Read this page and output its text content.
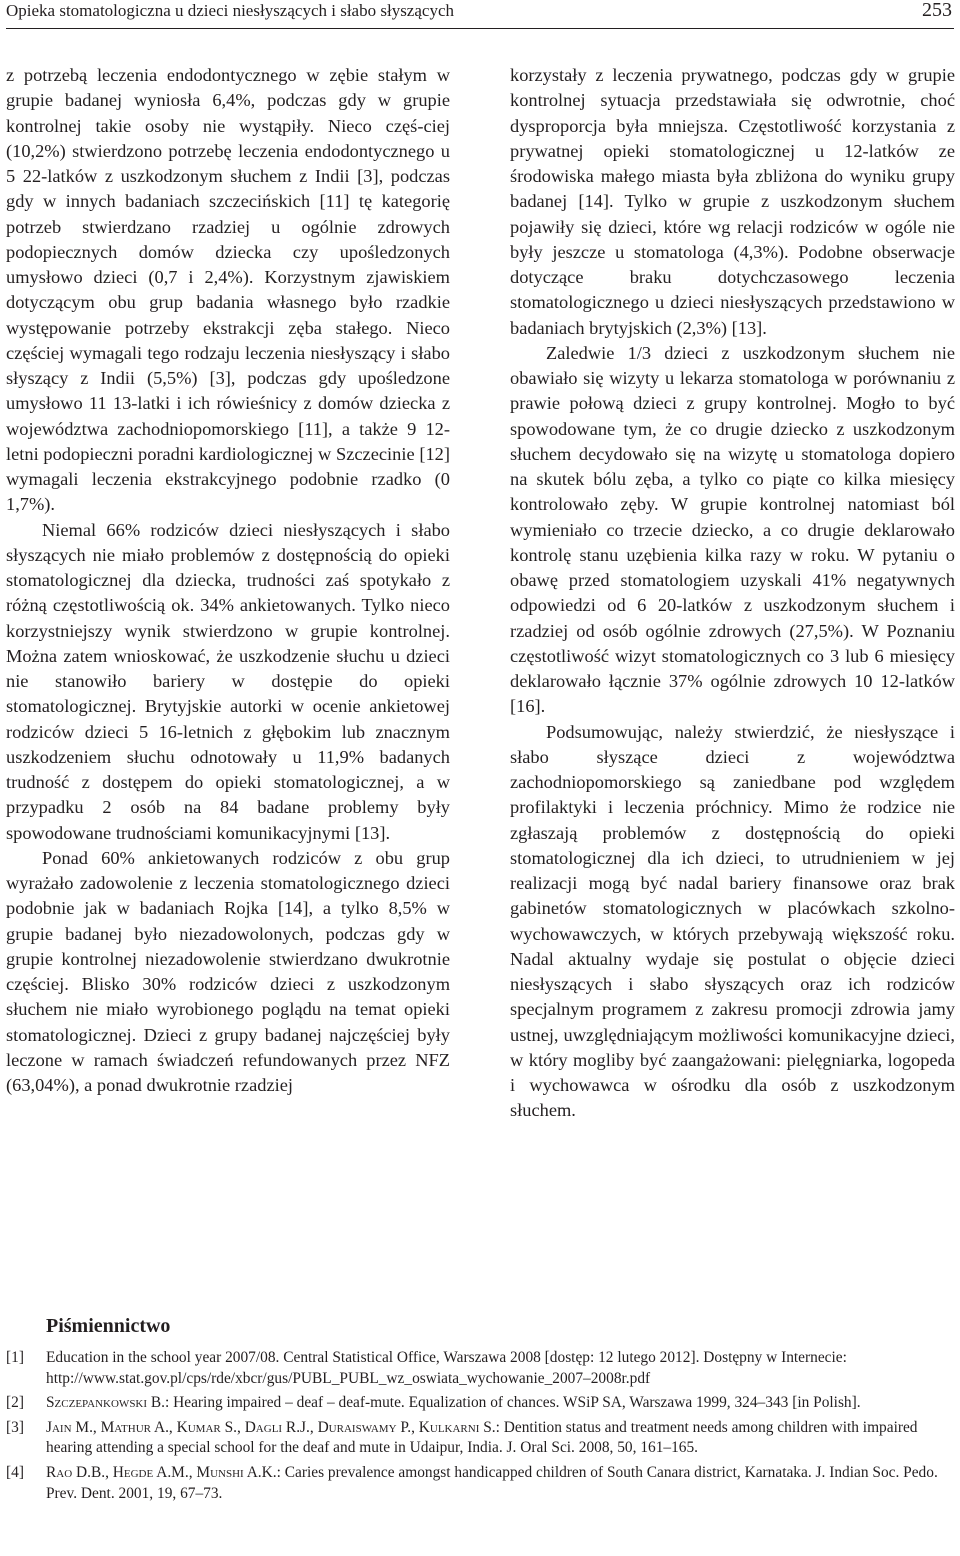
Opieka stomatologiczna u dzieci niesłyszących i słabo słyszących	253

z potrzebą leczenia endodontycznego w zębie stałym w grupie badanej wyniosła 6,4%, podczas gdy w grupie kontrolnej takie osoby nie wystąpiły. Nieco częś-ciej (10,2%) stwierdzono potrzebę leczenia endodontycznego u 5 22-latków z uszkodzonym słuchem z Indii [3], podczas gdy w innych badaniach szczecińskich [11] tę kategorię potrzeb stwierdzano rzadziej u ogólnie zdrowych podopiecznych domów dziecka czy upośledzonych umysłowo dzieci (0,7 i 2,4%). Korzystnym zjawiskiem dotyczącym obu grup badania własnego było rzadkie występowanie potrzeby ekstrakcji zęba stałego. Nieco częściej wymagali tego rodzaju leczenia niesłyszący i słabo słyszący z Indii (5,5%) [3], podczas gdy upośledzone umysłowo 11 13-latki i ich rówieśnicy z domów dziecka z województwa zachodniopomorskiego [11], a także 9 12-letni podopieczni poradni kardiologicznej w Szczecinie [12] wymagali leczenia ekstrakcyjnego podobnie rzadko (0 1,7%).

Niemal 66% rodziców dzieci niesłyszących i słabo słyszących nie miało problemów z dostępnością do opieki stomatologicznej dla dziecka, trudności zaś spotykało z różną częstotliwością ok. 34% ankietowanych. Tylko nieco korzystniejszy wynik stwierdzono w grupie kontrolnej. Można zatem wnioskować, że uszkodzenie słuchu u dzieci nie stanowiło bariery w dostępie do opieki stomatologicznej. Brytyjskie autorki w ocenie ankietowej rodziców dzieci 5 16-letnich z głębokim lub znacznym uszkodzeniem słuchu odnotowały u 11,9% badanych trudność z dostępem do opieki stomatologicznej, a w przypadku 2 osób na 84 badane problemy były spowodowane trudnościami komunikacyjnymi [13].

Ponad 60% ankietowanych rodziców z obu grup wyrażało zadowolenie z leczenia stomatologicznego dzieci podobnie jak w badaniach Rojka [14], a tylko 8,5% w grupie badanej było niezadowolonych, podczas gdy w grupie kontrolnej niezadowolenie stwierdzano dwukrotnie częściej. Blisko 30% rodziców dzieci z uszkodzonym słuchem nie miało wyrobionego poglądu na temat opieki stomatologicznej. Dzieci z grupy badanej najczęściej były leczone w ramach świadczeń refundowanych przez NFZ (63,04%), a ponad dwukrotnie rzadziej

korzystały z leczenia prywatnego, podczas gdy w grupie kontrolnej sytuacja przedstawiała się odwrotnie, choć dysproporcja była mniejsza. Częstotliwość korzystania z prywatnej opieki stomatologicznej u 12-latków ze środowiska małego miasta była zbliżona do wyniku grupy badanej [14]. Tylko w grupie z uszkodzonym słuchem pojawiły się dzieci, które wg relacji rodziców w ogóle nie były jeszcze u stomatologa (4,3%). Podobne obserwacje dotyczące braku dotychczasowego leczenia stomatologicznego u dzieci niesłyszących przedstawiono w badaniach brytyjskich (2,3%) [13].

Zaledwie 1/3 dzieci z uszkodzonym słuchem nie obawiało się wizyty u lekarza stomatologa w porównaniu z prawie połową dzieci z grupy kontrolnej. Mogło to być spowodowane tym, że co drugie dziecko z uszkodzonym słuchem decydowało się na wizytę u stomatologa dopiero na skutek bólu zęba, a tylko co piąte co kilka miesięcy kontrolowało zęby. W grupie kontrolnej natomiast ból wymieniało co trzecie dziecko, a co drugie deklarowało kontrolę stanu uzębienia kilka razy w roku. W pytaniu o obawę przed stomatologiem uzyskali 41% negatywnych odpowiedzi od 6 20-latków z uszkodzonym słuchem i rzadziej od osób ogólnie zdrowych (27,5%). W Poznaniu częstotliwość wizyt stomatologicznych co 3 lub 6 miesięcy deklarowało łącznie 37% ogólnie zdrowych 10 12-latków [16].

Podsumowując, należy stwierdzić, że niesłyszące i słabo słyszące dzieci z województwa zachodniopomorskiego są zaniedbane pod względem profilaktyki i leczenia próchnicy. Mimo że rodzice nie zgłaszają problemów z dostępnością do opieki stomatologicznej dla ich dzieci, to utrudnieniem w jej realizacji mogą być nadal bariery finansowe oraz brak gabinetów stomatologicznych w placówkach szkolno-wychowawczych, w których przebywają większość roku. Nadal aktualny wydaje się postulat o objęcie dzieci niesłyszących i słabo słyszących oraz ich rodziców specjalnym programem z zakresu promocji zdrowia jamy ustnej, uwzględniającym możliwości komunikacyjne dzieci, w który mogliby być zaangażowani: pielęgniarka, logopeda i wychowawca w ośrodku dla osób z uszkodzonym słuchem.

Piśmiennictwo
[1] Education in the school year 2007/08. Central Statistical Office, Warszawa 2008 [dostęp: 12 lutego 2012]. Dostępny w Internecie: http://www.stat.gov.pl/cps/rde/xbcr/gus/PUBL_PUBL_wz_oswiata_wychowanie_2007–2008r.pdf
[2] Szczepankowski B.: Hearing impaired – deaf – deaf-mute. Equalization of chances. WSiP SA, Warszawa 1999, 324–343 [in Polish].
[3] Jain M., Mathur A., Kumar S., Dagli R.J., Duraiswamy P., Kulkarni S.: Dentition status and treatment needs among children with impaired hearing attending a special school for the deaf and mute in Udaipur, India. J. Oral Sci. 2008, 50, 161–165.
[4] Rao D.B., Hegde A.M., Munshi A.K.: Caries prevalence amongst handicapped children of South Canara district, Karnataka. J. Indian Soc. Pedo. Prev. Dent. 2001, 19, 67–73.
